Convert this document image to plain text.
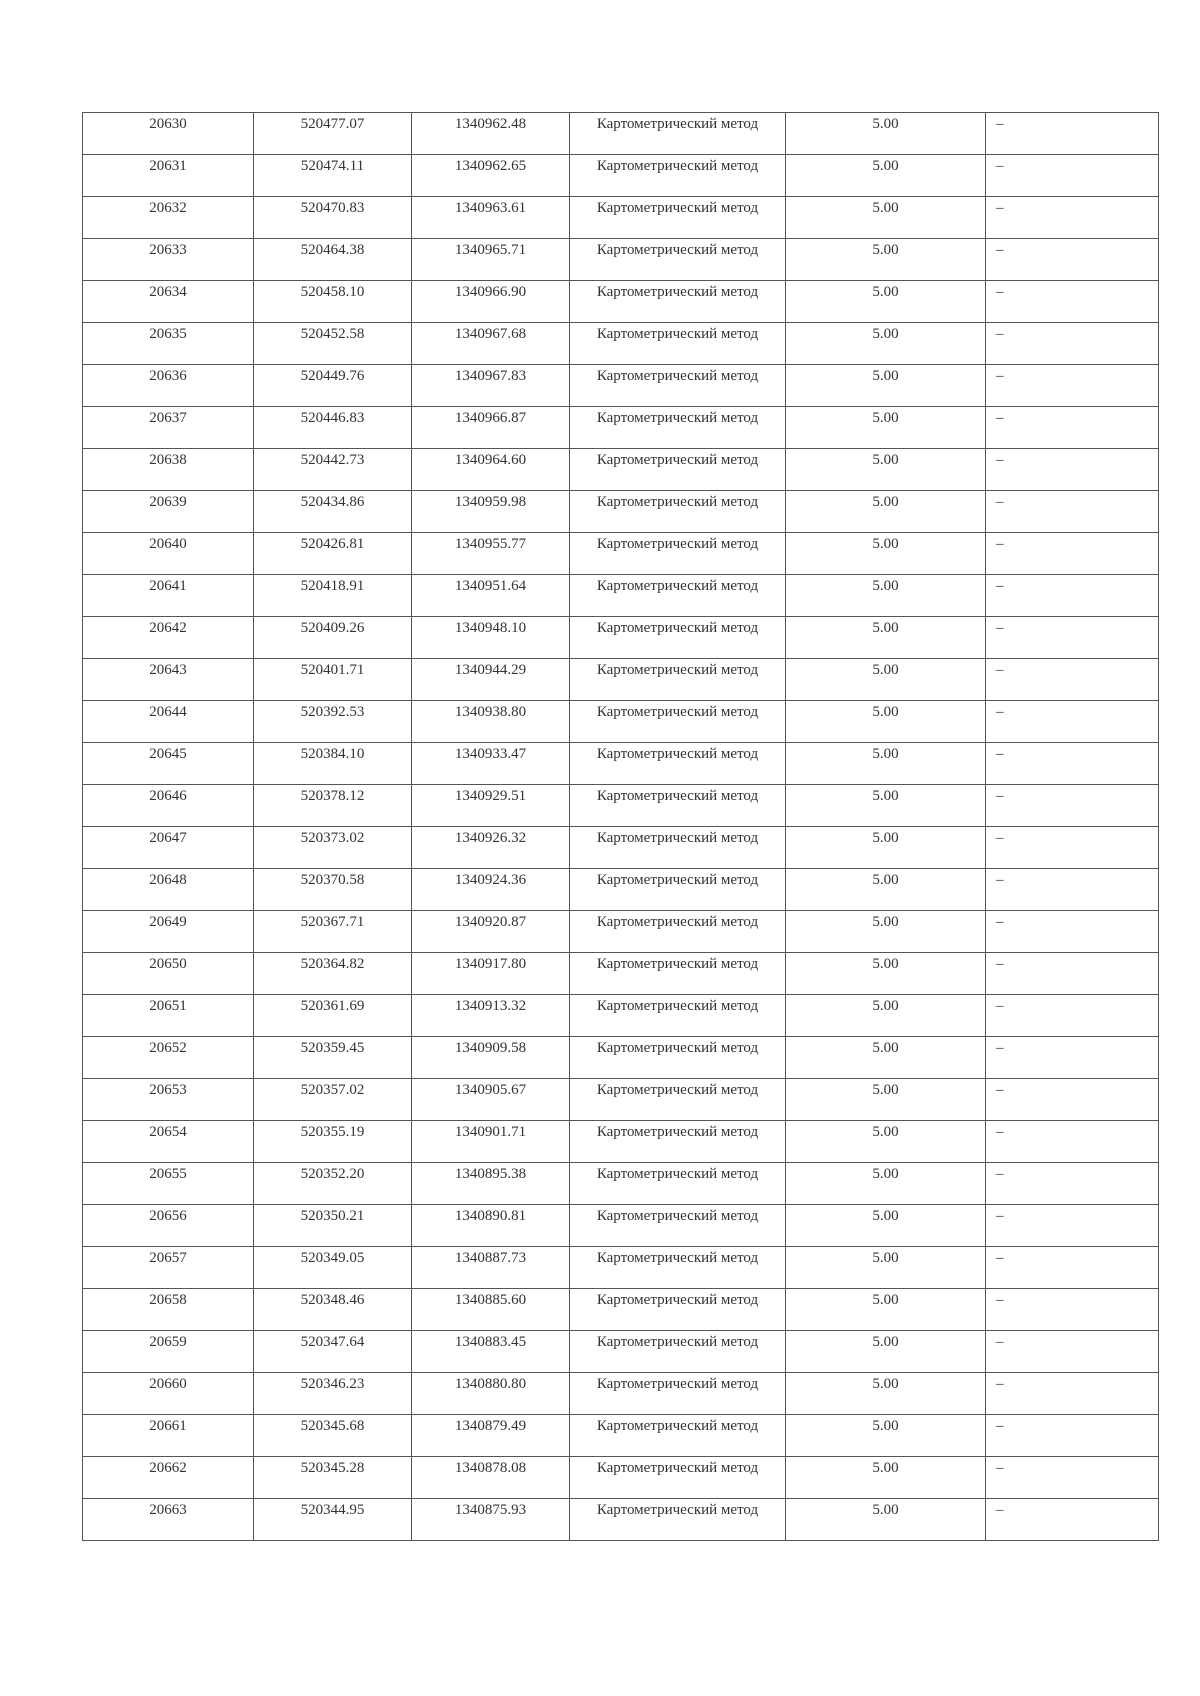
20630	520477.07	1340962.48	Картометрический метод	5.00	–
20631	520474.11	1340962.65	Картометрический метод	5.00	–
20632	520470.83	1340963.61	Картометрический метод	5.00	–
20633	520464.38	1340965.71	Картометрический метод	5.00	–
20634	520458.10	1340966.90	Картометрический метод	5.00	–
20635	520452.58	1340967.68	Картометрический метод	5.00	–
20636	520449.76	1340967.83	Картометрический метод	5.00	–
20637	520446.83	1340966.87	Картометрический метод	5.00	–
20638	520442.73	1340964.60	Картометрический метод	5.00	–
20639	520434.86	1340959.98	Картометрический метод	5.00	–
20640	520426.81	1340955.77	Картометрический метод	5.00	–
20641	520418.91	1340951.64	Картометрический метод	5.00	–
20642	520409.26	1340948.10	Картометрический метод	5.00	–
20643	520401.71	1340944.29	Картометрический метод	5.00	–
20644	520392.53	1340938.80	Картометрический метод	5.00	–
20645	520384.10	1340933.47	Картометрический метод	5.00	–
20646	520378.12	1340929.51	Картометрический метод	5.00	–
20647	520373.02	1340926.32	Картометрический метод	5.00	–
20648	520370.58	1340924.36	Картометрический метод	5.00	–
20649	520367.71	1340920.87	Картометрический метод	5.00	–
20650	520364.82	1340917.80	Картометрический метод	5.00	–
20651	520361.69	1340913.32	Картометрический метод	5.00	–
20652	520359.45	1340909.58	Картометрический метод	5.00	–
20653	520357.02	1340905.67	Картометрический метод	5.00	–
20654	520355.19	1340901.71	Картометрический метод	5.00	–
20655	520352.20	1340895.38	Картометрический метод	5.00	–
20656	520350.21	1340890.81	Картометрический метод	5.00	–
20657	520349.05	1340887.73	Картометрический метод	5.00	–
20658	520348.46	1340885.60	Картометрический метод	5.00	–
20659	520347.64	1340883.45	Картометрический метод	5.00	–
20660	520346.23	1340880.80	Картометрический метод	5.00	–
20661	520345.68	1340879.49	Картометрический метод	5.00	–
20662	520345.28	1340878.08	Картометрический метод	5.00	–
20663	520344.95	1340875.93	Картометрический метод	5.00	–
